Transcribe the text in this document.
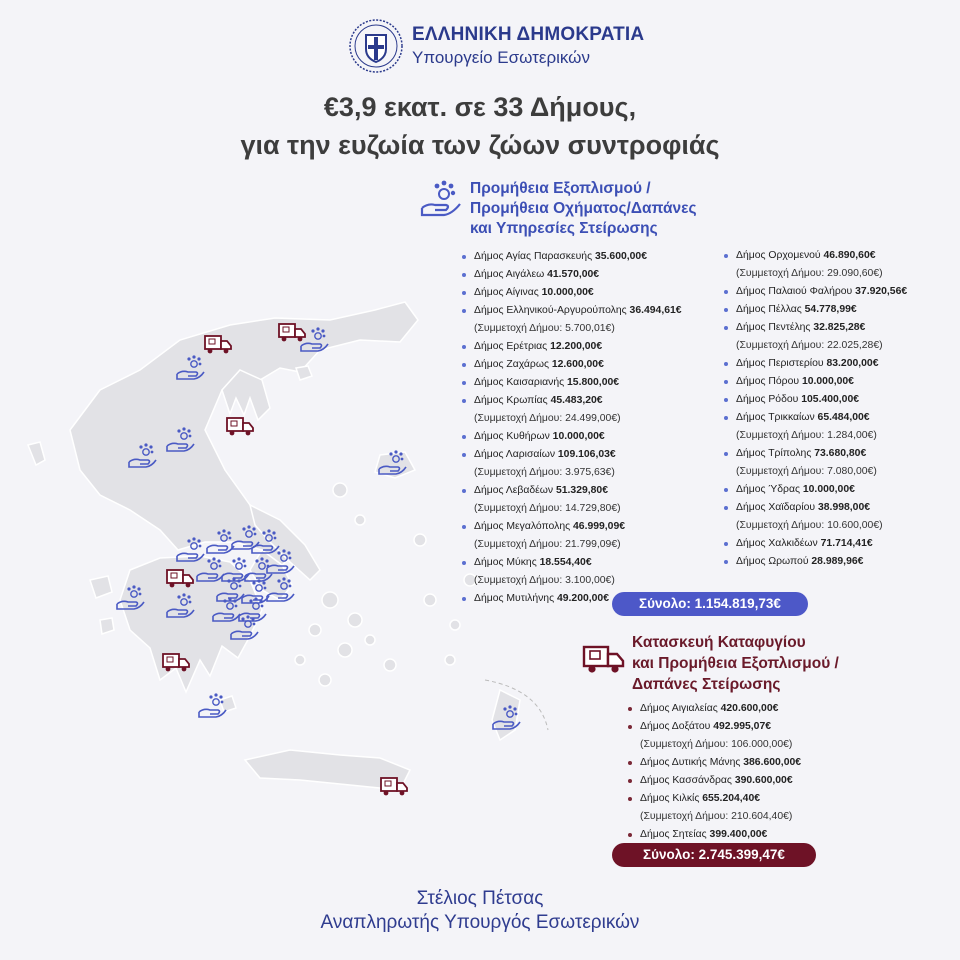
ΕΛΛΗΝΙΚΗ ΔΗΜΟΚΡΑΤΙΑ
Υπουργείο Εσωτερικών
€3,9 εκατ. σε 33 Δήμους,
για την ευζωία των ζώων συντροφιάς
Προμήθεια Εξοπλισμού /
Προμήθεια Οχήματος/Δαπάνες
και Υπηρεσίες Στείρωσης
Δήμος Αγίας Παρασκευής 35.600,00€
Δήμος Αιγάλεω 41.570,00€
Δήμος Αίγινας 10.000,00€
Δήμος Ελληνικού-Αργυρούπολης 36.494,61€
(Συμμετοχή Δήμου: 5.700,01€)
Δήμος Ερέτριας 12.200,00€
Δήμος Ζαχάρως 12.600,00€
Δήμος Καισαριανής 15.800,00€
Δήμος Κρωπίας 45.483,20€
(Συμμετοχή Δήμου: 24.499,00€)
Δήμος Κυθήρων 10.000,00€
Δήμος Λαρισαίων 109.106,03€
(Συμμετοχή Δήμου: 3.975,63€)
Δήμος Λεβαδέων 51.329,80€
(Συμμετοχή Δήμου: 14.729,80€)
Δήμος Μεγαλόπολης 46.999,09€
(Συμμετοχή Δήμου: 21.799,09€)
Δήμος Μύκης 18.554,40€
(Συμμετοχή Δήμου: 3.100,00€)
Δήμος Μυτιλήνης 49.200,00€
Δήμος Ορχομενού 46.890,60€
(Συμμετοχή Δήμου: 29.090,60€)
Δήμος Παλαιού Φαλήρου 37.920,56€
Δήμος Πέλλας 54.778,99€
Δήμος Πεντέλης 32.825,28€
(Συμμετοχή Δήμου: 22.025,28€)
Δήμος Περιστερίου 83.200,00€
Δήμος Πόρου 10.000,00€
Δήμος Ρόδου 105.400,00€
Δήμος Τρικκαίων 65.484,00€
(Συμμετοχή Δήμου: 1.284,00€)
Δήμος Τρίπολης 73.680,80€
(Συμμετοχή Δήμου: 7.080,00€)
Δήμος Ύδρας 10.000,00€
Δήμος Χαϊδαρίου 38.998,00€
(Συμμετοχή Δήμου: 10.600,00€)
Δήμος Χαλκιδέων 71.714,41€
Δήμος Ωρωπού 28.989,96€
Σύνολο: 1.154.819,73€
Κατασκευή Καταφυγίου
και Προμήθεια Εξοπλισμού /
Δαπάνες Στείρωσης
Δήμος Αιγιαλείας 420.600,00€
Δήμος Δοξάτου 492.995,07€
(Συμμετοχή Δήμου: 106.000,00€)
Δήμος Δυτικής Μάνης 386.600,00€
Δήμος Κασσάνδρας 390.600,00€
Δήμος Κιλκίς 655.204,40€
(Συμμετοχή Δήμου: 210.604,40€)
Δήμος Σητείας 399.400,00€
Σύνολο: 2.745.399,47€
Στέλιος Πέτσας
Αναπληρωτής Υπουργός Εσωτερικών
